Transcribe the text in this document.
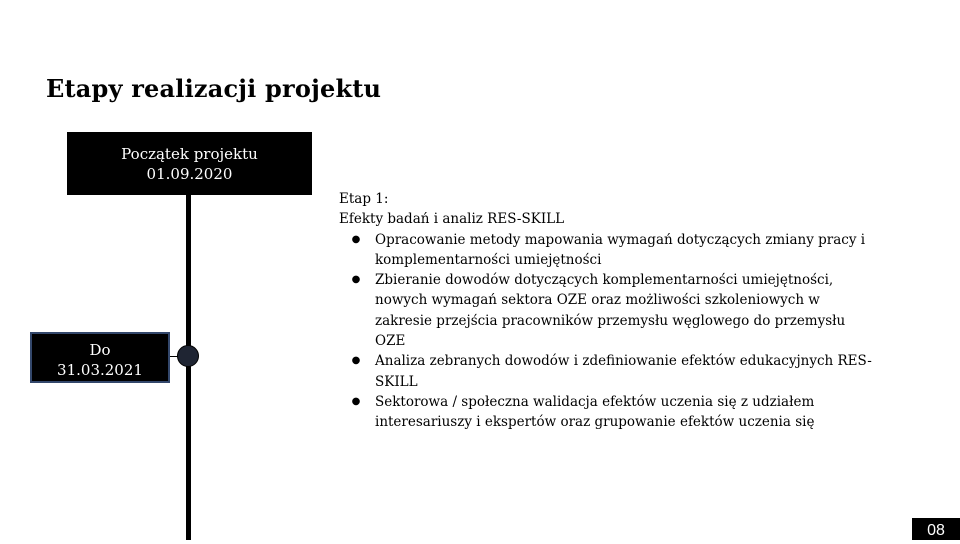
Etapy realizacji projektu
Początek projektu
01.09.2020
Do
31.03.2021
Etap 1:
Efekty badań i analiz RES-SKILL
●	Opracowanie metody mapowania wymagań dotyczących zmiany pracy i komplementarności umiejętności
●	Zbieranie dowodów dotyczących komplementarności umiejętności, nowych wymagań sektora OZE oraz możliwości szkoleniowych w zakresie przejścia pracowników przemysłu węglowego do przemysłu OZE
●	Analiza zebranych dowodów i zdefiniowanie efektów edukacyjnych RES-SKILL
●	Sektorowa / społeczna walidacja efektów uczenia się z udziałem interesariuszy i ekspertów oraz grupowanie efektów uczenia się
08
